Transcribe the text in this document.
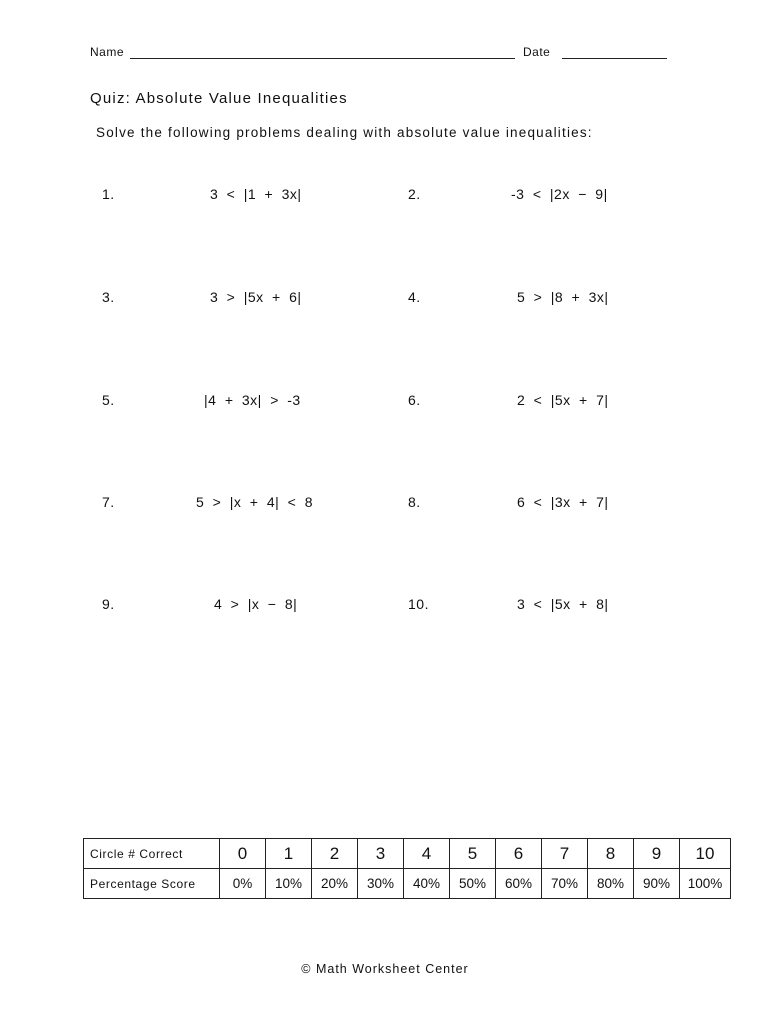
Name	Date
Quiz: Absolute Value Inequalities
Solve the following problems dealing with absolute value inequalities:
1.	3 < |1 + 3x|	2.	-3 < |2x − 9|
3.	3 > |5x + 6|	4.	5 > |8 + 3x|
5.	|4 + 3x| > -3	6.	2 < |5x + 7|
7.	5 > |x + 4| < 8	8.	6 < |3x + 7|
9.	4 > |x − 8|	10.	3 < |5x + 8|
Circle # Correct	0	1	2	3	4	5	6	7	8	9	10
Percentage Score	0%	10%	20%	30%	40%	50%	60%	70%	80%	90%	100%
© Math Worksheet Center
